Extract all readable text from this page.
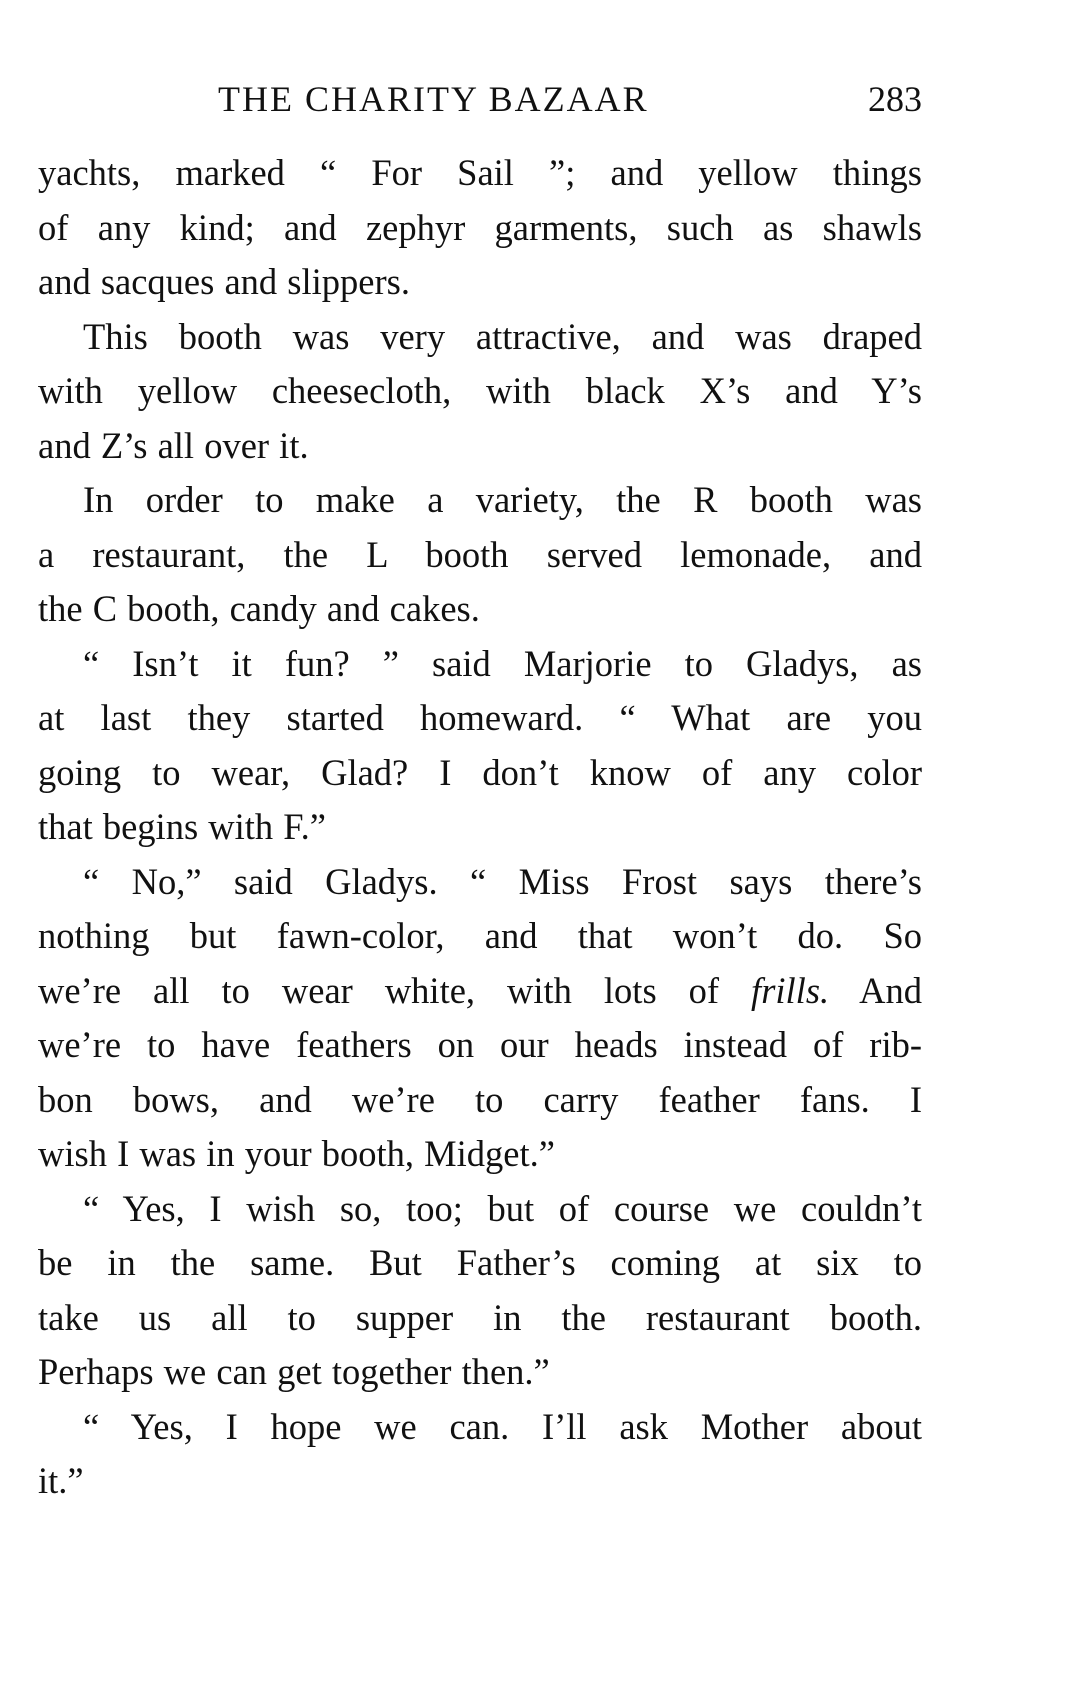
THE CHARITY BAZAAR	283
yachts, marked “ For Sail ”; and yellow things
of any kind; and zephyr garments, such as shawls
and sacques and slippers.
This booth was very attractive, and was draped
with yellow cheesecloth, with black X’s and Y’s
and Z’s all over it.
In order to make a variety, the R booth was
a restaurant, the L booth served lemonade, and
the C booth, candy and cakes.
“ Isn’t it fun? ” said Marjorie to Gladys, as
at last they started homeward. “ What are you
going to wear, Glad? I don’t know of any color
that begins with F.”
“ No,” said Gladys. “ Miss Frost says there’s
nothing but fawn-color, and that won’t do. So
we’re all to wear white, with lots of frills. And
we’re to have feathers on our heads instead of rib-
bon bows, and we’re to carry feather fans. I
wish I was in your booth, Midget.”
“ Yes, I wish so, too; but of course we couldn’t
be in the same. But Father’s coming at six to
take us all to supper in the restaurant booth.
Perhaps we can get together then.”
“ Yes, I hope we can. I’ll ask Mother about
it.”
